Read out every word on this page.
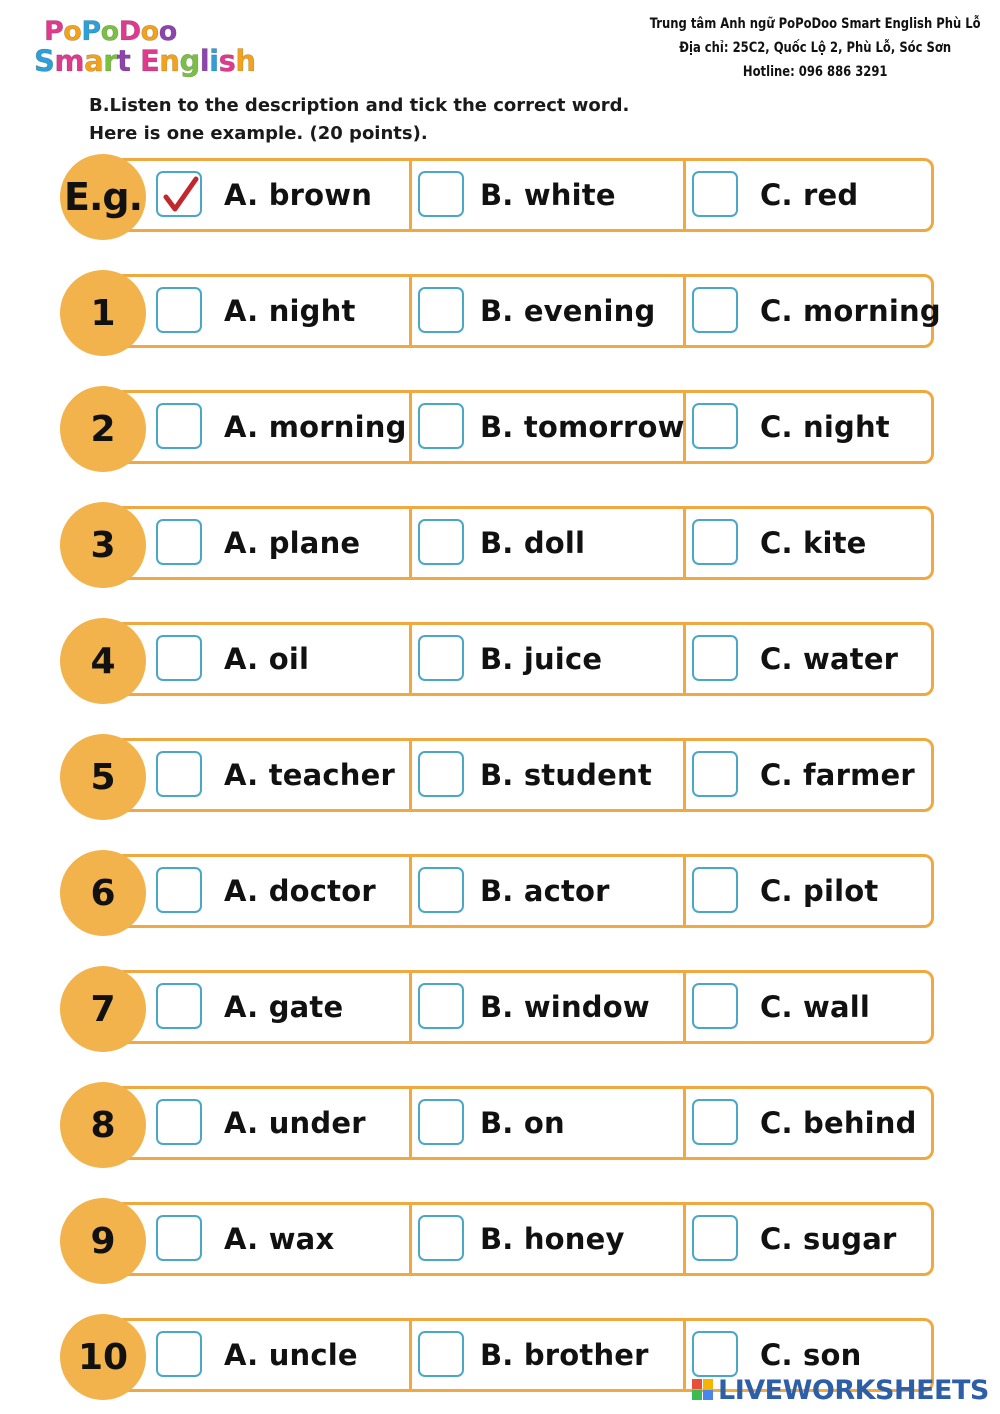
PoPoDoo
Smart English
Trung tâm Anh ngữ PoPoDoo Smart English Phù Lỗ
Địa chỉ: 25C2, Quốc Lộ 2, Phù Lỗ, Sóc Sơn
Hotline: 096 886 3291
B.Listen to the description and tick the correct word.
Here is one example. (20 points).
E.g.	A. brown	B. white	C. red
1	A. night	B. evening	C. morning
2	A. morning	B. tomorrow	C. night
3	A. plane	B. doll	C. kite
4	A. oil	B. juice	C. water
5	A. teacher	B. student	C. farmer
6	A. doctor	B. actor	C. pilot
7	A. gate	B. window	C. wall
8	A. under	B. on	C. behind
9	A. wax	B. honey	C. sugar
10	A. uncle	B. brother	C. son
LIVEWORKSHEETS
